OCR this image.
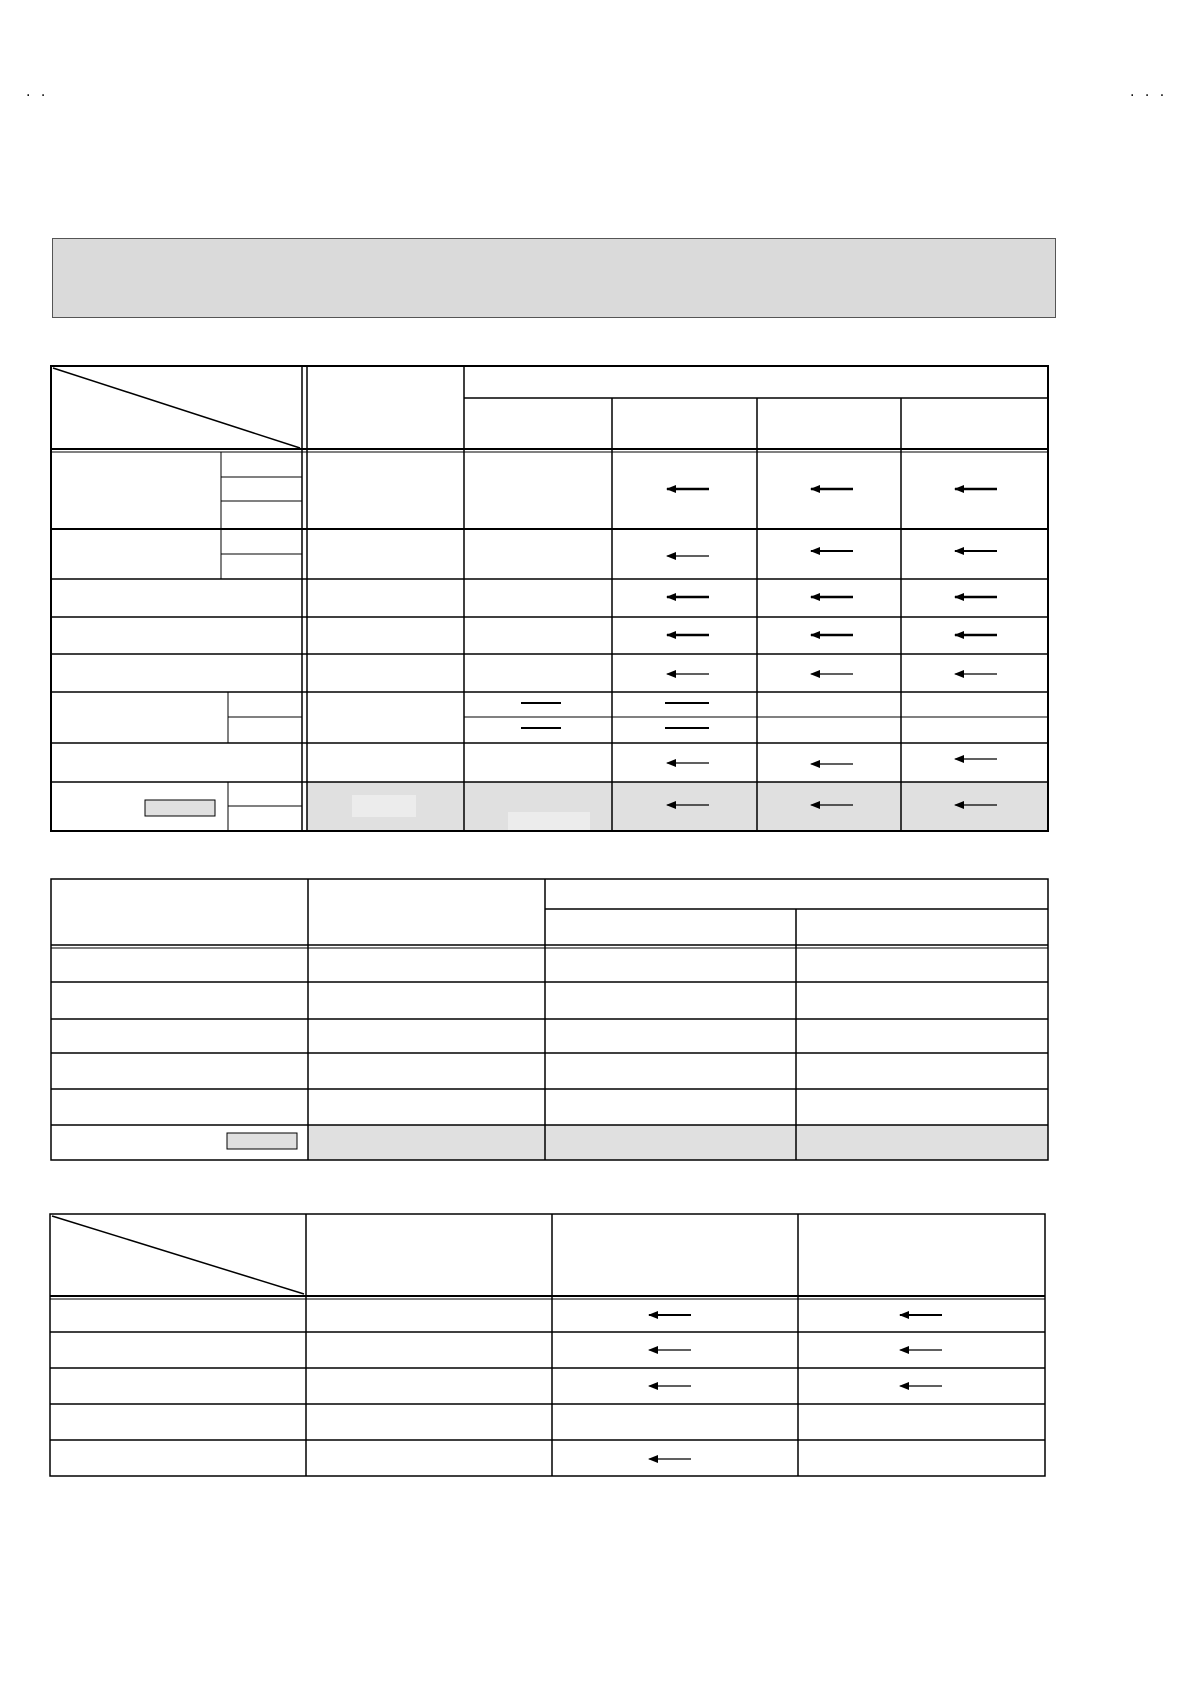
. .	. . .
